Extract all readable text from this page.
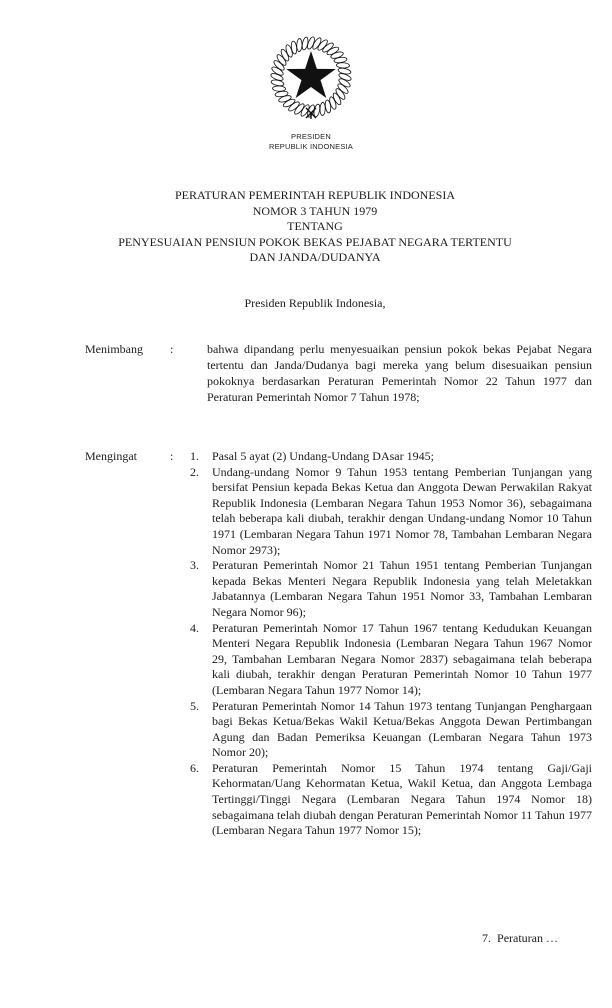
PRESIDEN
REPUBLIK INDONESIA
PERATURAN PEMERINTAH REPUBLIK INDONESIA
NOMOR 3 TAHUN 1979
TENTANG
PENYESUAIAN PENSIUN POKOK BEKAS PEJABAT NEGARA TERTENTU
DAN JANDA/DUDANYA
Presiden Republik Indonesia,
Menimbang	:	bahwa dipandang perlu menyesuaikan pensiun pokok bekas Pejabat Negara tertentu dan Janda/Dudanya bagi mereka yang belum disesuaikan pensiun pokoknya berdasarkan Peraturan Pemerintah Nomor 22 Tahun 1977 dan Peraturan Pemerintah Nomor 7 Tahun 1978;
Mengingat	:	1.	Pasal 5 ayat (2) Undang-Undang DAsar 1945;
2.	Undang-undang Nomor 9 Tahun 1953 tentang Pemberian Tunjangan yang bersifat Pensiun kepada Bekas Ketua dan Anggota Dewan Perwakilan Rakyat Republik Indonesia (Lembaran Negara Tahun 1953 Nomor 36), sebagaimana telah beberapa kali diubah, terakhir dengan Undang-undang Nomor 10 Tahun 1971 (Lembaran Negara Tahun 1971 Nomor 78, Tambahan Lembaran Negara Nomor 2973);
3.	Peraturan Pemerintah Nomor 21 Tahun 1951 tentang Pemberian Tunjangan kepada Bekas Menteri Negara Republik Indonesia yang telah Meletakkan Jabatannya (Lembaran Negara Tahun 1951 Nomor 33, Tambahan Lembaran Negara Nomor 96);
4.	Peraturan Pemerintah Nomor 17 Tahun 1967 tentang Kedudukan Keuangan Menteri Negara Republik Indonesia (Lembaran Negara Tahun 1967 Nomor 29, Tambahan Lembaran Negara Nomor 2837) sebagaimana telah beberapa kali diubah, terakhir dengan Peraturan Pemerintah Nomor 10 Tahun 1977 (Lembaran Negara Tahun 1977 Nomor 14);
5.	Peraturan Pemerintah Nomor 14 Tahun 1973 tentang Tunjangan Penghargaan bagi Bekas Ketua/Bekas Wakil Ketua/Bekas Anggota Dewan Pertimbangan Agung dan Badan Pemeriksa Keuangan (Lembaran Negara Tahun 1973 Nomor 20);
6.	Peraturan Pemerintah Nomor 15 Tahun 1974 tentang Gaji/Gaji Kehormatan/Uang Kehormatan Ketua, Wakil Ketua, dan Anggota Lembaga Tertinggi/Tinggi Negara (Lembaran Negara Tahun 1974 Nomor 18) sebagaimana telah diubah dengan Peraturan Pemerintah Nomor 11 Tahun 1977 (Lembaran Negara Tahun 1977 Nomor 15);
7.  Peraturan …
